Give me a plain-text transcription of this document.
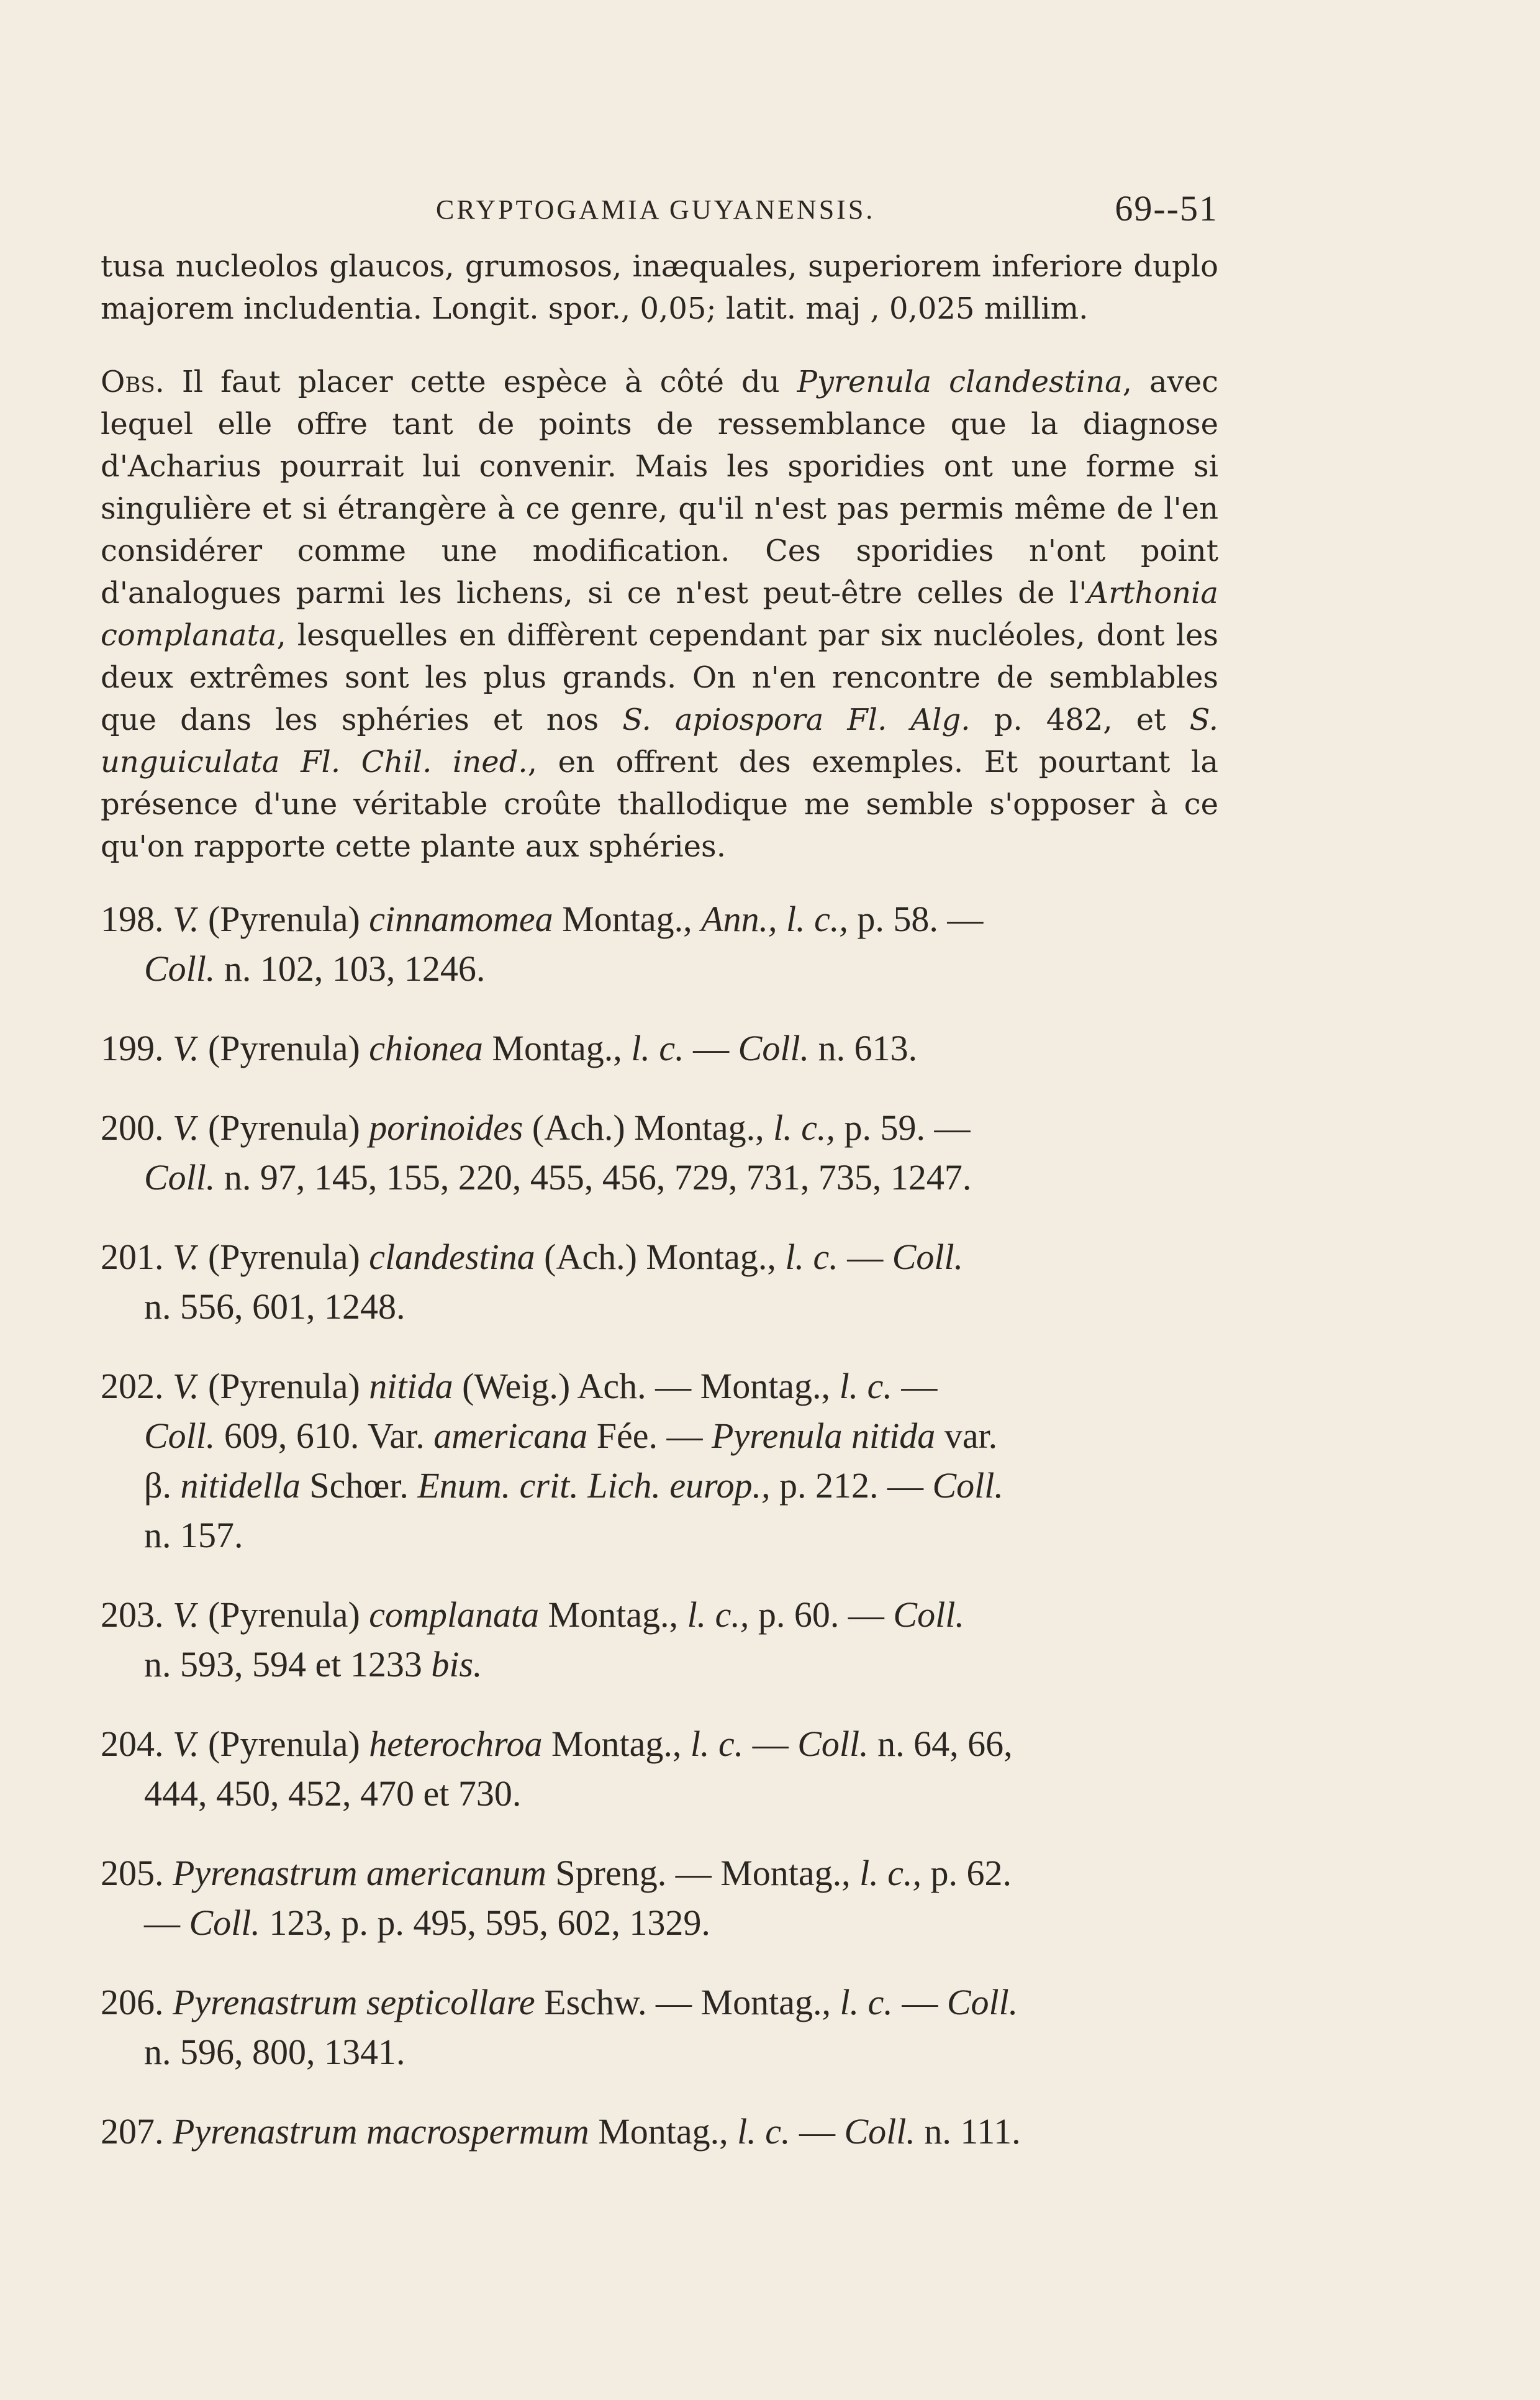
CRYPTOGAMIA GUYANENSIS.	69--51

tusa nucleolos glaucos, grumosos, inæquales, superiorem inferiore duplo majorem includentia. Longit. spor., 0,05; latit. maj , 0,025 millim.

Obs. Il faut placer cette espèce à côté du Pyrenula clandestina, avec lequel elle offre tant de points de ressemblance que la diagnose d'Acharius pourrait lui convenir. Mais les sporidies ont une forme si singulière et si étrangère à ce genre, qu'il n'est pas permis même de l'en considérer comme une modification. Ces sporidies n'ont point d'analogues parmi les lichens, si ce n'est peut-être celles de l'Arthonia complanata, lesquelles en diffèrent cependant par six nucléoles, dont les deux extrêmes sont les plus grands. On n'en rencontre de semblables que dans les sphéries et nos S. apiospora Fl. Alg. p. 482, et S. unguiculata Fl. Chil. ined., en offrent des exemples. Et pourtant la présence d'une véritable croûte thallodique me semble s'opposer à ce qu'on rapporte cette plante aux sphéries.

198. V. (Pyrenula) cinnamomea Montag., Ann., l. c., p. 58. —
Coll. n. 102, 103, 1246.
199. V. (Pyrenula) chionea Montag., l. c. — Coll. n. 613.
200. V. (Pyrenula) porinoides (Ach.) Montag., l. c., p. 59. —
Coll. n. 97, 145, 155, 220, 455, 456, 729, 731, 735, 1247.
201. V. (Pyrenula) clandestina (Ach.) Montag., l. c. — Coll.
n. 556, 601, 1248.
202. V. (Pyrenula) nitida (Weig.) Ach. — Montag., l. c. —
Coll. 609, 610. Var. americana Fée. — Pyrenula nitida var.
β. nitidella Schœr. Enum. crit. Lich. europ., p. 212. — Coll.
n. 157.
203. V. (Pyrenula) complanata Montag., l. c., p. 60. — Coll.
n. 593, 594 et 1233 bis.
204. V. (Pyrenula) heterochroa Montag., l. c. — Coll. n. 64, 66,
444, 450, 452, 470 et 730.
205. Pyrenastrum americanum Spreng. — Montag., l. c., p. 62.
— Coll. 123, p. p. 495, 595, 602, 1329.
206. Pyrenastrum septicollare Eschw. — Montag., l. c. — Coll.
n. 596, 800, 1341.
207. Pyrenastrum macrospermum Montag., l. c. — Coll. n. 111.
